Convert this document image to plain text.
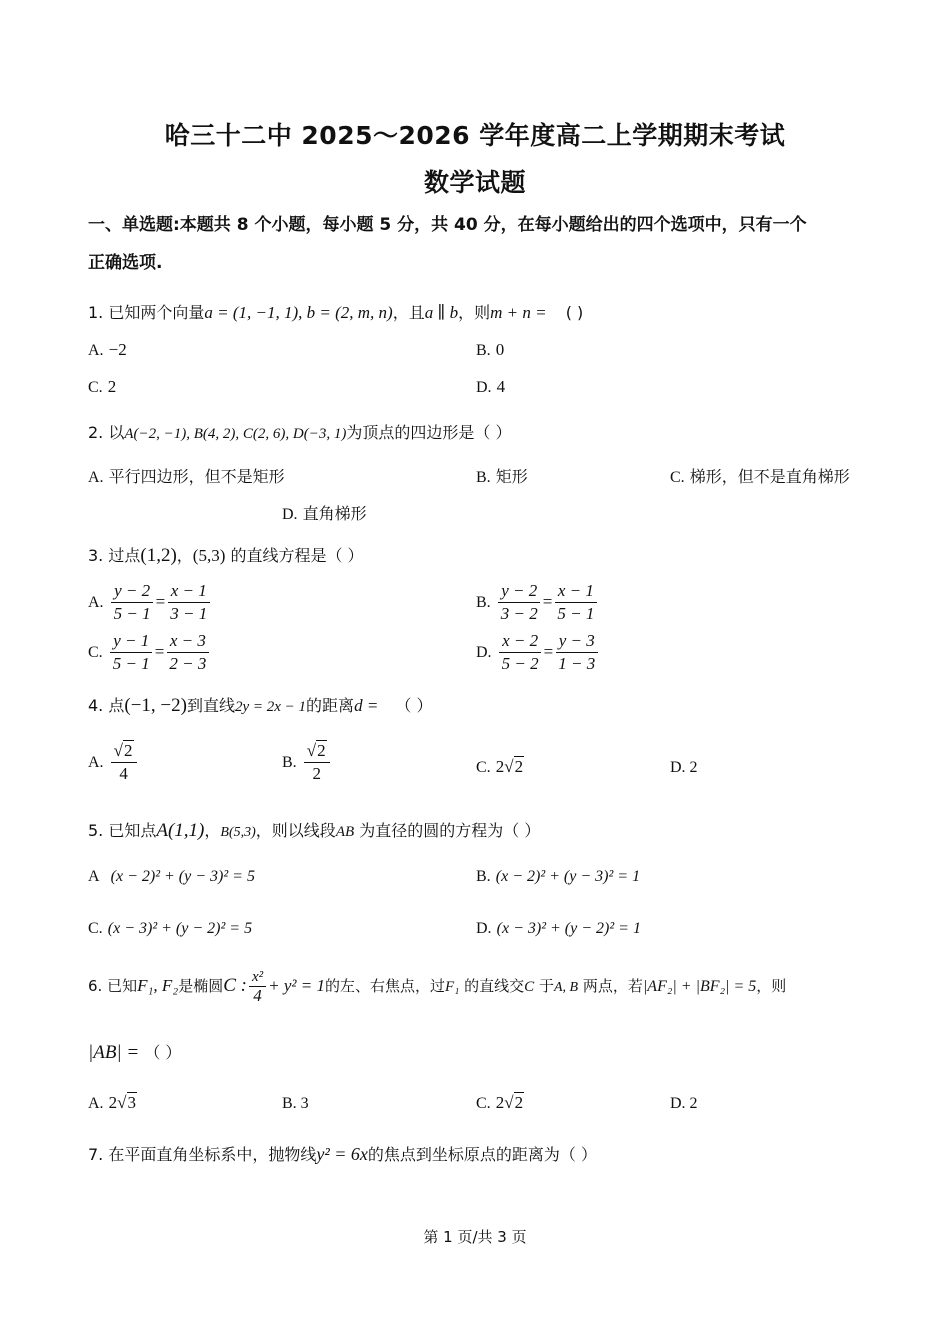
哈三十二中 2025～2026 学年度高二上学期期末考试
数学试题
一、单选题:本题共 8 个小题，每小题 5 分，共 40 分，在每小题给出的四个选项中，只有一个
正确选项.
1. 已知两个向量a = (1, −1, 1), b = (2, m, n)，且a ∥ b，则m + n = ( )
A. −2	B. 0
C. 2	D. 4
2. 以A(−2, −1), B(4, 2), C(2, 6), D(−3, 1)为顶点的四边形是（ ）
A. 平行四边形，但不是矩形	B. 矩形	C. 梯形，但不是直角梯形
D. 直角梯形
3. 过点(1,2)，(5,3) 的直线方程是（ ）
A. $\frac{y - 2}{5 - 1} = \frac{x - 1}{3 - 1}$	B. $\frac{y - 2}{3 - 2} = \frac{x - 1}{5 - 1}$
C. $\frac{y - 1}{5 - 1} = \frac{x - 3}{2 - 3}$	D. $\frac{x - 2}{5 - 2} = \frac{y - 3}{1 - 3}$
4. 点(−1, −2)到直线2y = 2x − 1的距离d = （ ）
A. $\frac{√2}{4}$	B. $\frac{√2}{2}$	C. 2√2	D. 2
5. 已知点A(1,1)，B(5,3)，则以线段AB 为直径的圆的方程为（ ）
A (x − 2)² + (y − 3)² = 5	B. (x − 2)² + (y − 3)² = 1
C. (x − 3)² + (y − 2)² = 5	D. (x − 3)² + (y − 2)² = 1
6. 已知F₁, F₂是椭圆C : $\frac{\text{x²}}{4} + y^2 = 1$的左、右焦点，过F₁ 的直线交C 于A, B 两点，若|AF₂| + |BF₂| = 5，则
|AB| = （ ）
A. 2√3	B. 3	C. 2√2	D. 2
7. 在平面直角坐标系中，抛物线y² = 6x的焦点到坐标原点的距离为（ ）
第 1 页/共 3 页
